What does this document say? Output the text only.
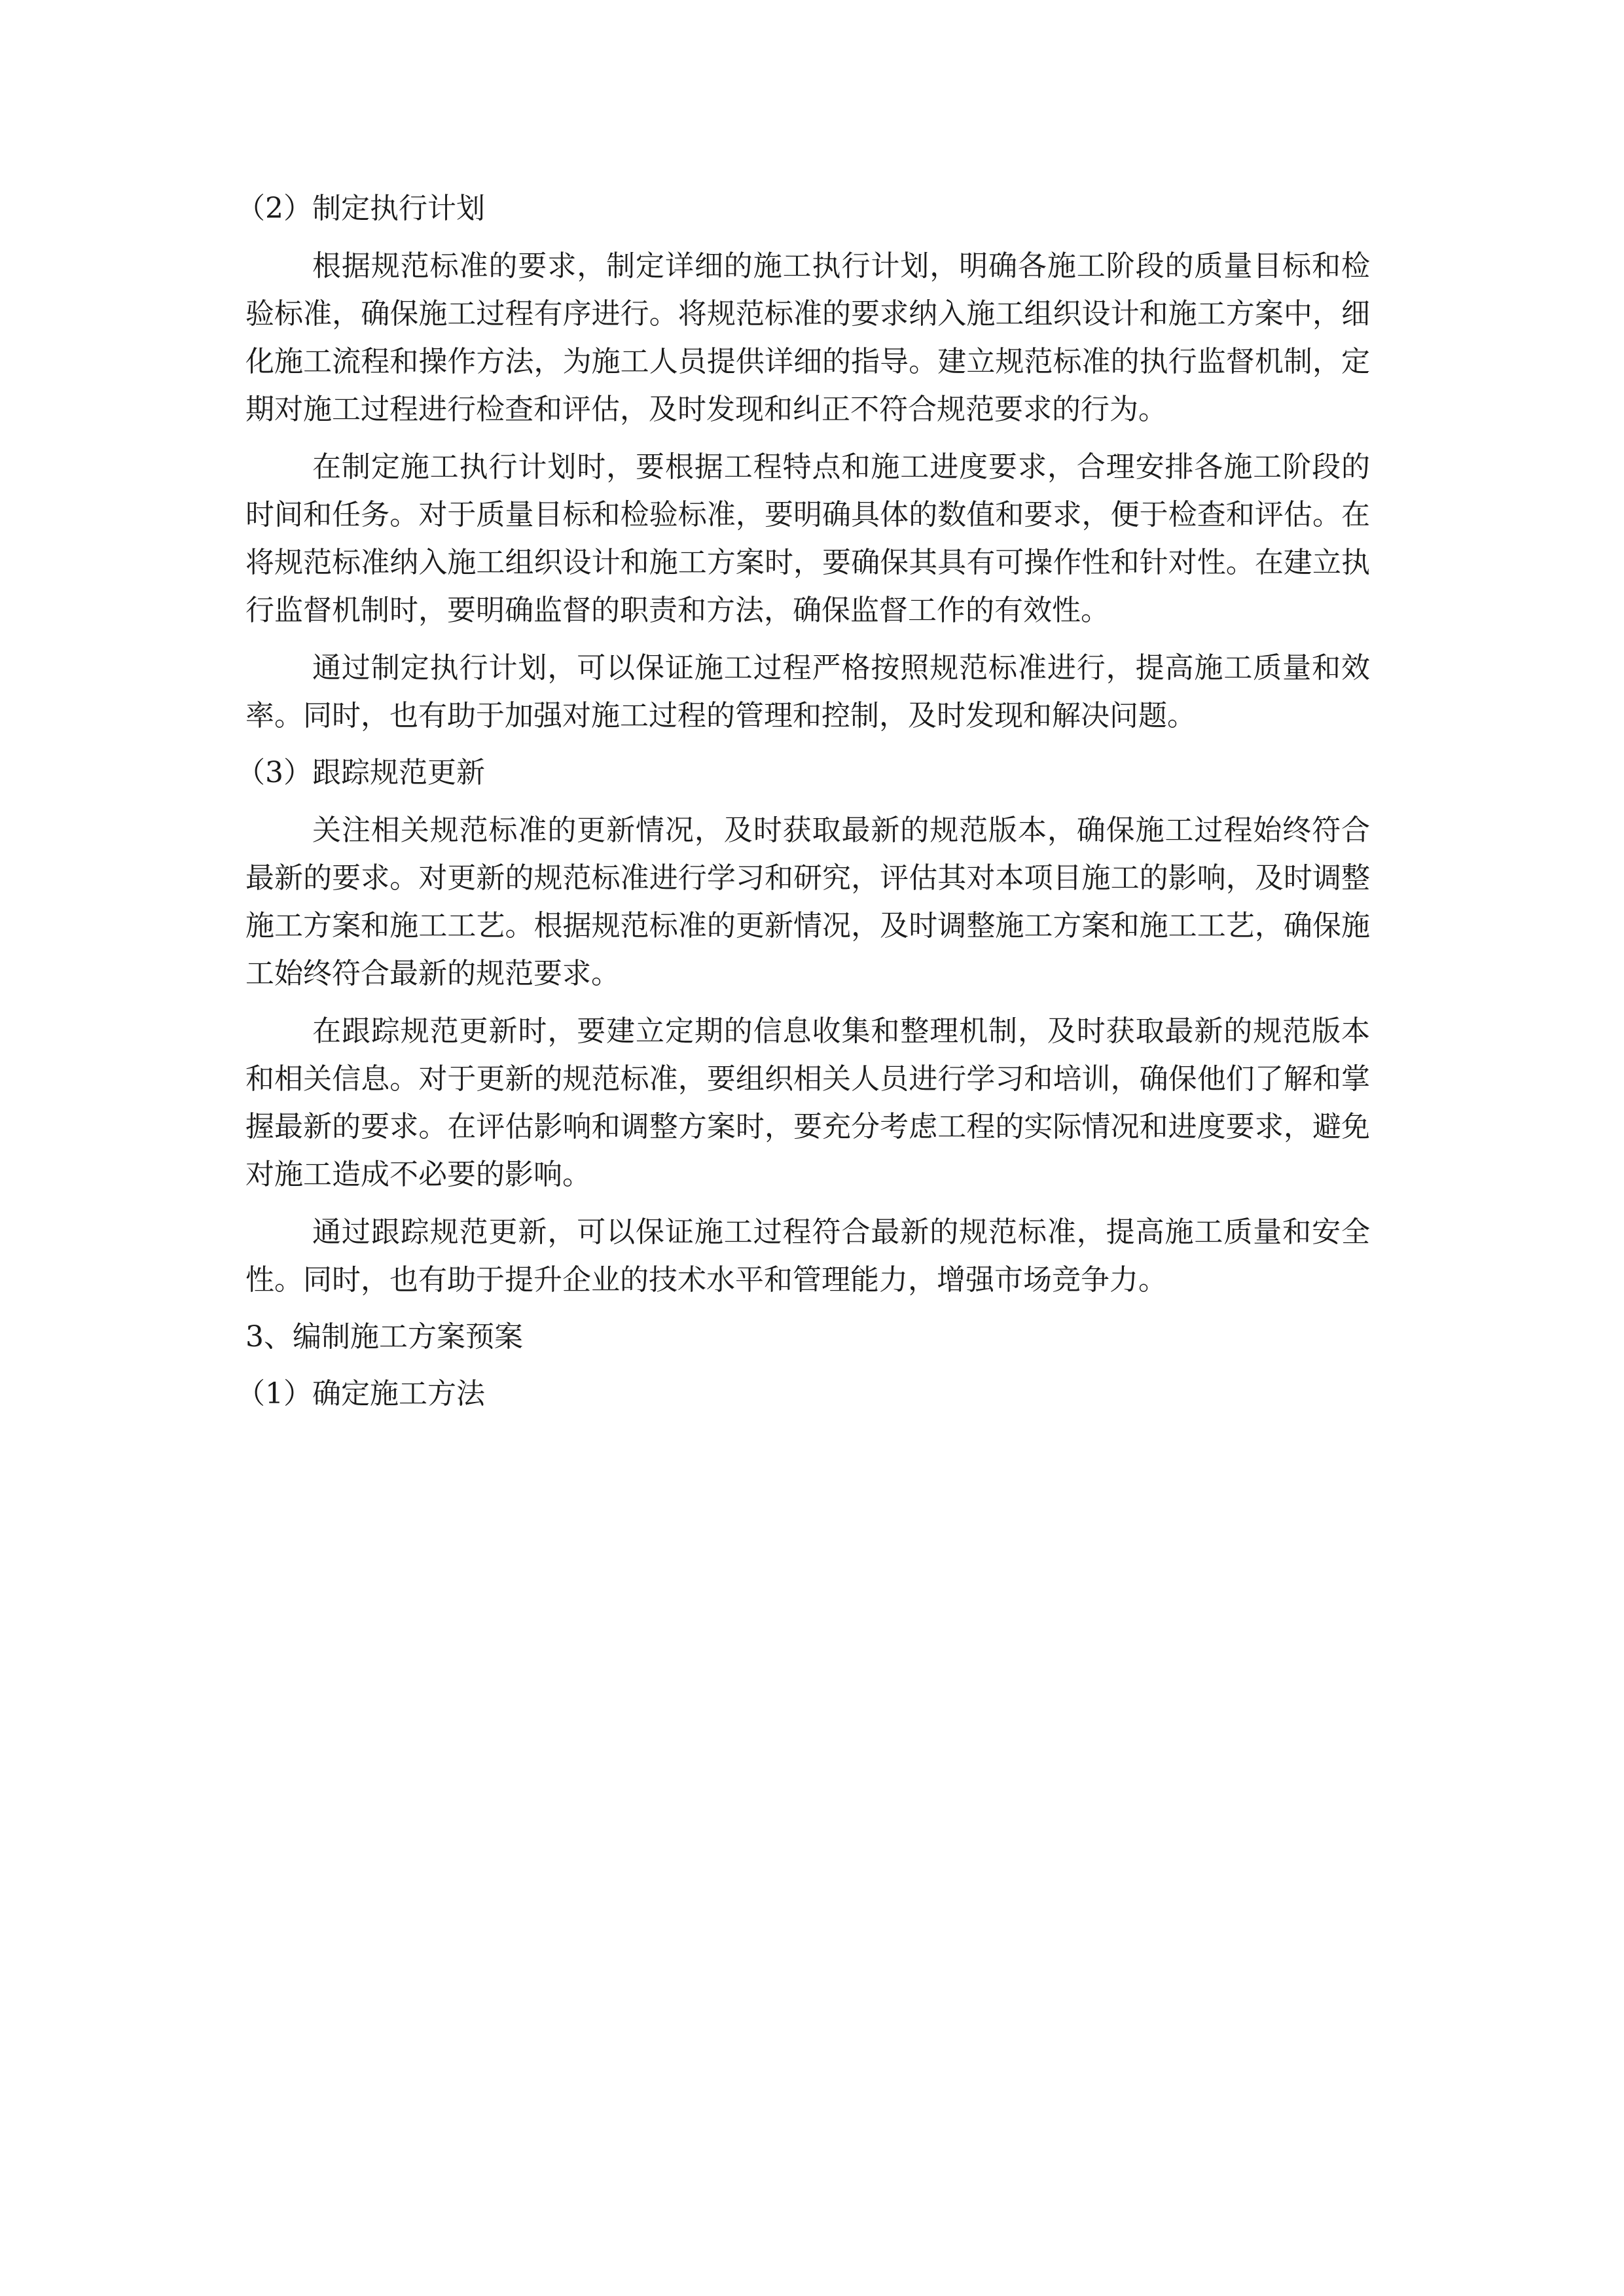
（2）制定执行计划

根据规范标准的要求，制定详细的施工执行计划，明确各施工阶段的质量目标和检验标准，确保施工过程有序进行。将规范标准的要求纳入施工组织设计和施工方案中，细化施工流程和操作方法，为施工人员提供详细的指导。建立规范标准的执行监督机制，定期对施工过程进行检查和评估，及时发现和纠正不符合规范要求的行为。

在制定施工执行计划时，要根据工程特点和施工进度要求，合理安排各施工阶段的时间和任务。对于质量目标和检验标准，要明确具体的数值和要求，便于检查和评估。在将规范标准纳入施工组织设计和施工方案时，要确保其具有可操作性和针对性。在建立执行监督机制时，要明确监督的职责和方法，确保监督工作的有效性。

通过制定执行计划，可以保证施工过程严格按照规范标准进行，提高施工质量和效率。同时，也有助于加强对施工过程的管理和控制，及时发现和解决问题。

（3）跟踪规范更新

关注相关规范标准的更新情况，及时获取最新的规范版本，确保施工过程始终符合最新的要求。对更新的规范标准进行学习和研究，评估其对本项目施工的影响，及时调整施工方案和施工工艺。根据规范标准的更新情况，及时调整施工方案和施工工艺，确保施工始终符合最新的规范要求。

在跟踪规范更新时，要建立定期的信息收集和整理机制，及时获取最新的规范版本和相关信息。对于更新的规范标准，要组织相关人员进行学习和培训，确保他们了解和掌握最新的要求。在评估影响和调整方案时，要充分考虑工程的实际情况和进度要求，避免对施工造成不必要的影响。

通过跟踪规范更新，可以保证施工过程符合最新的规范标准，提高施工质量和安全性。同时，也有助于提升企业的技术水平和管理能力，增强市场竞争力。

3、编制施工方案预案
（1）确定施工方法
